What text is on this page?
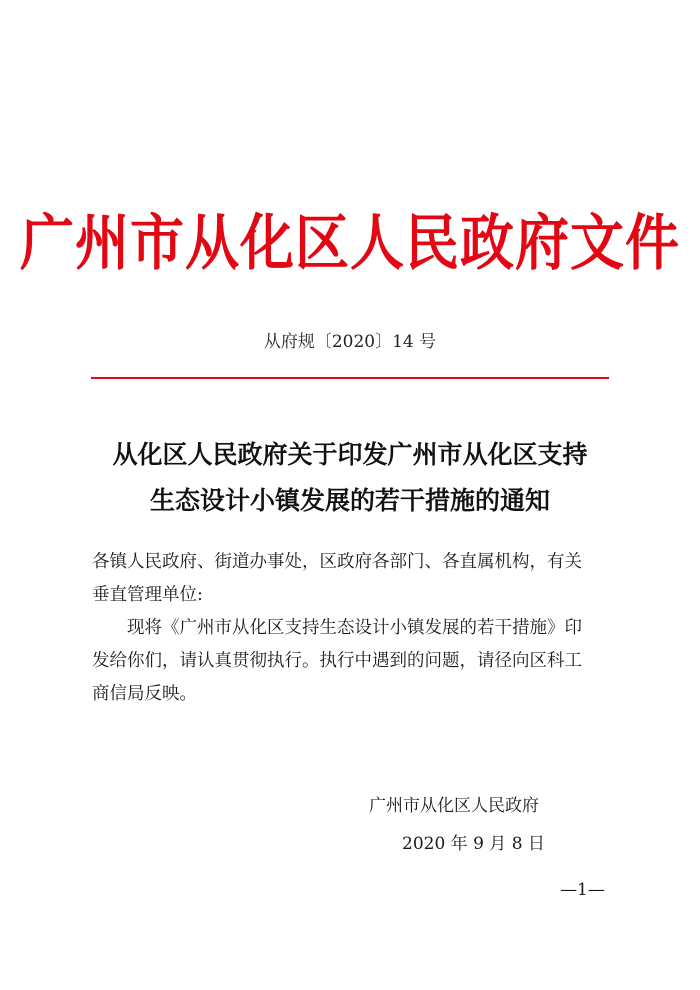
广州市从化区人民政府文件
从府规〔2020〕14 号
从化区人民政府关于印发广州市从化区支持
生态设计小镇发展的若干措施的通知
各镇人民政府、街道办事处，区政府各部门、各直属机构，有关
垂直管理单位:
　　现将《广州市从化区支持生态设计小镇发展的若干措施》印
发给你们，请认真贯彻执行。执行中遇到的问题，请径向区科工
商信局反映。
广州市从化区人民政府
2020 年 9 月 8 日
—1—
